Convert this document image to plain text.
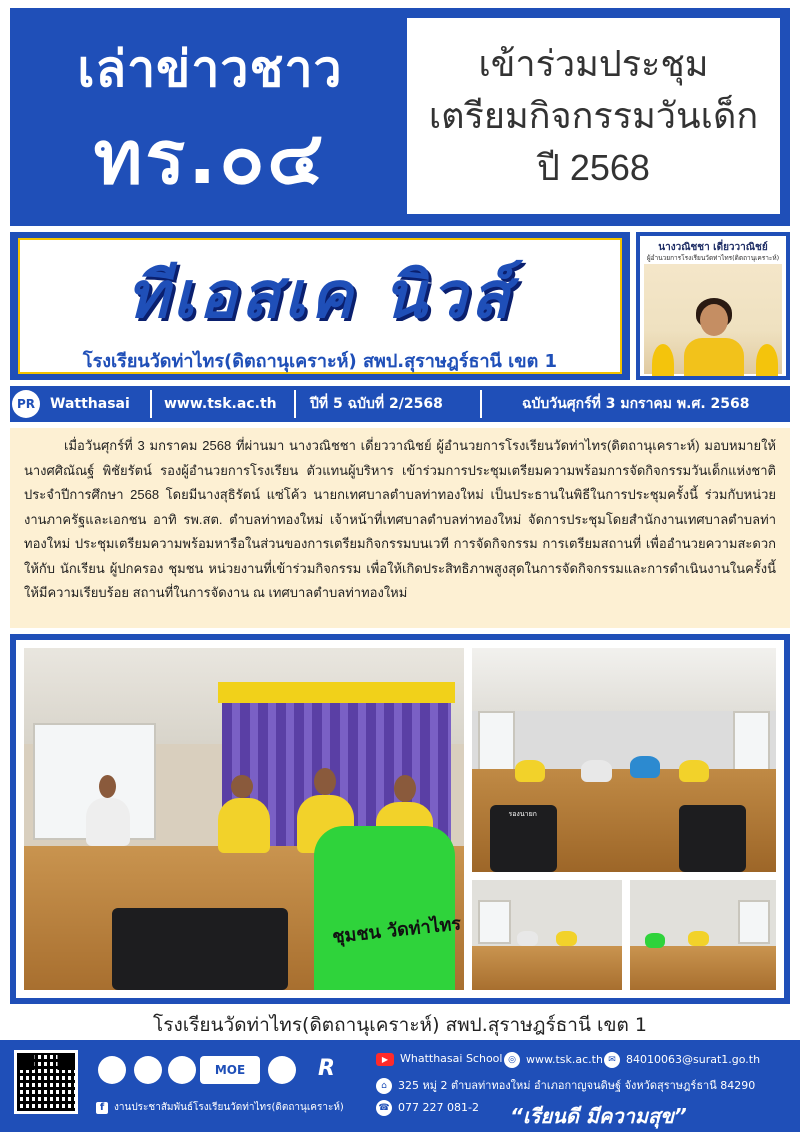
เล่าข่าวชาว
ทร.๐๔
เข้าร่วมประชุม
เตรียมกิจกรรมวันเด็ก
ปี 2568
ทีเอสเค นิวส์
โรงเรียนวัดท่าไทร(ดิตถานุเคราะห์) สพป.สุราษฎร์ธานี เขต 1
นางวณิชชา เดี่ยววาณิชย์
ผู้อำนวยการโรงเรียนวัดท่าไทร(ดิตถานุเคราะห์)
PR	Watthasai www.tsk.ac.th ปีที่ 5 ฉบับที่ 2/2568	ฉบับวันศุกร์ที่ 3 มกราคม พ.ศ. 2568

เมื่อวันศุกร์ที่ 3 มกราคม 2568 ที่ผ่านมา นางวณิชชา เดี่ยววาณิชย์ ผู้อำนวยการโรงเรียนวัดท่าไทร(ดิตถานุเคราะห์) มอบหมายให้นางศศิณัณฐ์ พิชัยรัตน์ รองผู้อำนวยการโรงเรียน ตัวแทนผู้บริหาร เข้าร่วมการประชุมเตรียมความพร้อมการจัดกิจกรรมวันเด็กแห่งชาติ ประจำปีการศึกษา 2568 โดยมีนางสุธิรัตน์ แซ่โค้ว นายกเทศบาลตำบลท่าทองใหม่ เป็นประธานในพิธีในการประชุมครั้งนี้ ร่วมกับหน่วยงานภาครัฐและเอกชน อาทิ รพ.สต. ตำบลท่าทองใหม่ เจ้าหน้าที่เทศบาลตำบลท่าทองใหม่ จัดการประชุมโดยสำนักงานเทศบาลตำบลท่าทองใหม่ ประชุมเตรียมความพร้อมหารือในส่วนของการเตรียมกิจกรรมบนเวที การจัดกิจกรรม การเตรียมสถานที่ เพื่ออำนวยความสะดวกให้กับ นักเรียน ผู้ปกครอง ชุมชน หน่วยงานที่เข้าร่วมกิจกรรม เพื่อให้เกิดประสิทธิภาพสูงสุดในการจัดกิจกรรมและการดำเนินงานในครั้งนี้ ให้มีความเรียบร้อย สถานที่ในการจัดงาน ณ เทศบาลตำบลท่าทองใหม่

ชุมชน วัดท่าไทร
รองนายก
โรงเรียนวัดท่าไทร(ดิตถานุเคราะห์) สพป.สุราษฎร์ธานี เขต 1
MOE	R
f งานประชาสัมพันธ์โรงเรียนวัดท่าไทร(ดิตถานุเคราะห์)
▶ Whatthasai School ◎ www.tsk.ac.th ✉ 84010063@surat1.go.th
⌂ 325 หมู่ 2 ตำบลท่าทองใหม่ อำเภอกาญจนดิษฐ์ จังหวัดสุราษฎร์ธานี 84290
☎ 077 227 081-2 “เรียนดี มีความสุข”
